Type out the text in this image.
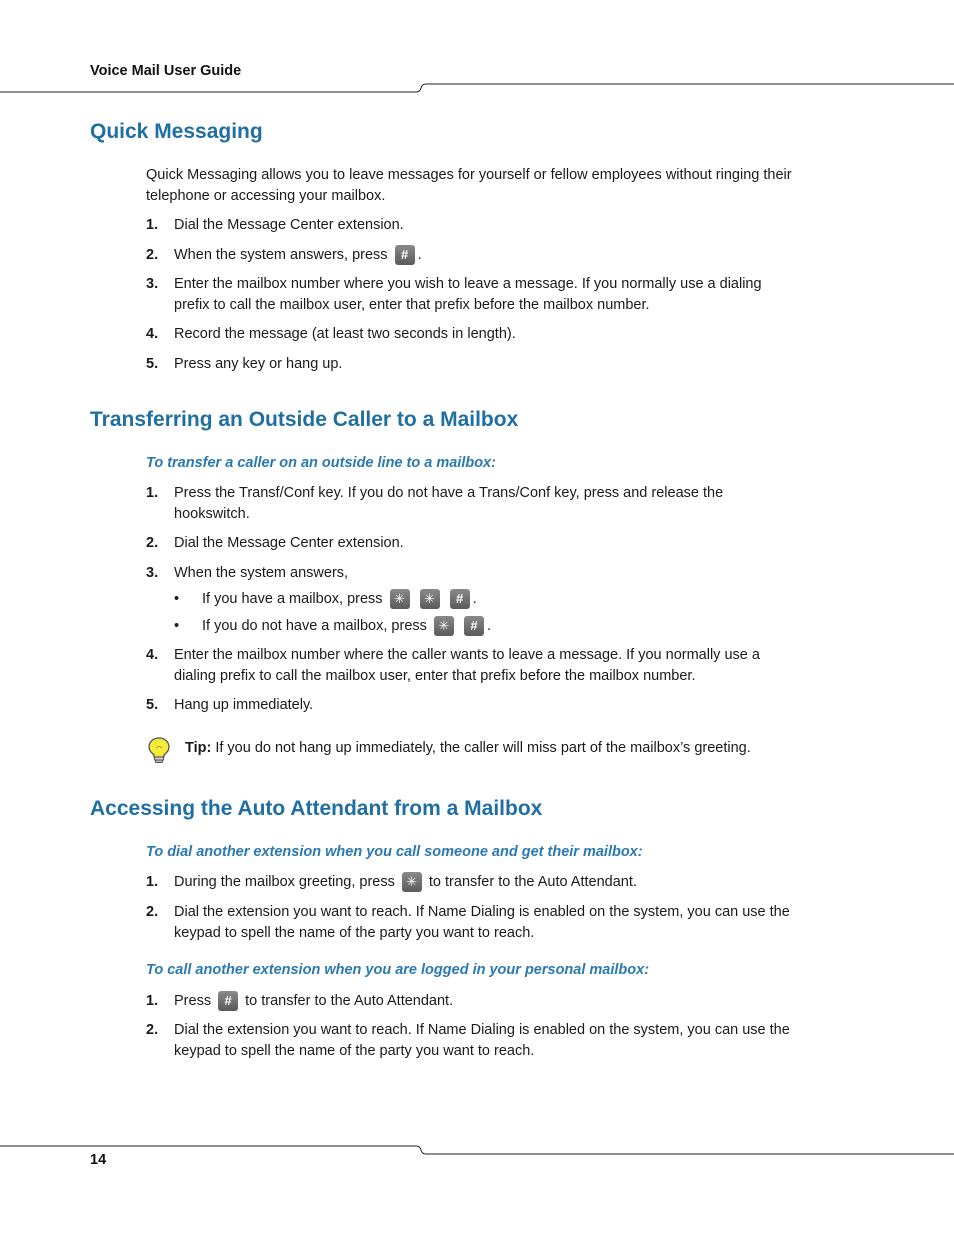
Voice Mail User Guide
Quick Messaging
Quick Messaging allows you to leave messages for yourself or fellow employees without ringing their telephone or accessing your mailbox.
1. Dial the Message Center extension.
2. When the system answers, press # .
3. Enter the mailbox number where you wish to leave a message. If you normally use a dialing prefix to call the mailbox user, enter that prefix before the mailbox number.
4. Record the message (at least two seconds in length).
5. Press any key or hang up.
Transferring an Outside Caller to a Mailbox
To transfer a caller on an outside line to a mailbox:
1. Press the Transf/Conf key. If you do not have a Trans/Conf key, press and release the hookswitch.
2. Dial the Message Center extension.
3. When the system answers,
• If you have a mailbox, press ✳ ✳ # .
• If you do not have a mailbox, press ✳ # .
4. Enter the mailbox number where the caller wants to leave a message. If you normally use a dialing prefix to call the mailbox user, enter that prefix before the mailbox number.
5. Hang up immediately.
Tip: If you do not hang up immediately, the caller will miss part of the mailbox’s greeting.
Accessing the Auto Attendant from a Mailbox
To dial another extension when you call someone and get their mailbox:
1. During the mailbox greeting, press ✳ to transfer to the Auto Attendant.
2. Dial the extension you want to reach. If Name Dialing is enabled on the system, you can use the keypad to spell the name of the party you want to reach.
To call another extension when you are logged in your personal mailbox:
1. Press # to transfer to the Auto Attendant.
2. Dial the extension you want to reach. If Name Dialing is enabled on the system, you can use the keypad to spell the name of the party you want to reach.
14
